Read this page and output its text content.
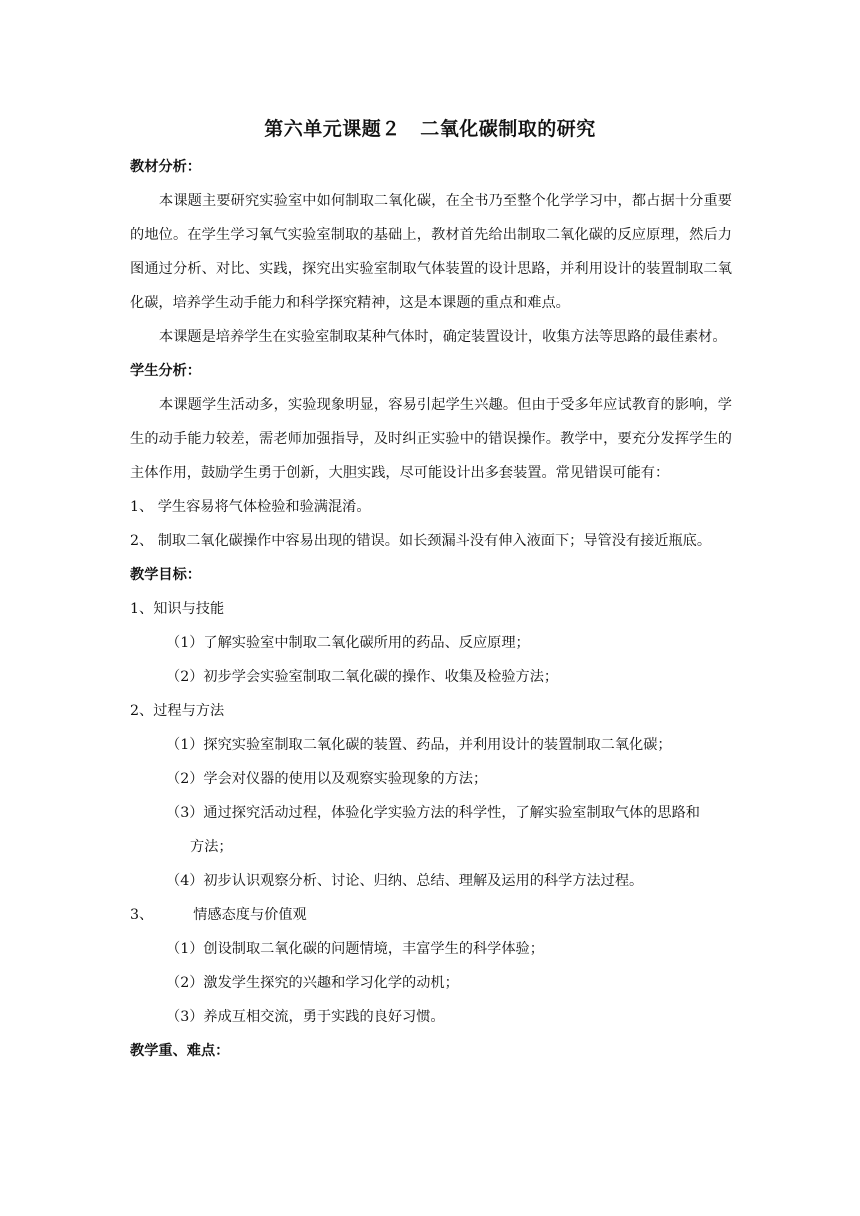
第六单元课题２　二氧化碳制取的研究
教材分析：

本课题主要研究实验室中如何制取二氧化碳，在全书乃至整个化学学习中，都占据十分重要的地位。在学生学习氧气实验室制取的基础上，教材首先给出制取二氧化碳的反应原理，然后力图通过分析、对比、实践，探究出实验室制取气体装置的设计思路，并利用设计的装置制取二氧化碳，培养学生动手能力和科学探究精神，这是本课题的重点和难点。

本课题是培养学生在实验室制取某种气体时，确定装置设计，收集方法等思路的最佳素材。

学生分析：

本课题学生活动多，实验现象明显，容易引起学生兴趣。但由于受多年应试教育的影响，学生的动手能力较差，需老师加强指导，及时纠正实验中的错误操作。教学中，要充分发挥学生的主体作用，鼓励学生勇于创新，大胆实践，尽可能设计出多套装置。常见错误可能有：

1、 学生容易将气体检验和验满混淆。
2、 制取二氧化碳操作中容易出现的错误。如长颈漏斗没有伸入液面下；导管没有接近瓶底。
教学目标：
1、知识与技能
（1）了解实验室中制取二氧化碳所用的药品、反应原理；
（2）初步学会实验室制取二氧化碳的操作、收集及检验方法；
2、过程与方法
（1）探究实验室制取二氧化碳的装置、药品，并利用设计的装置制取二氧化碳；
（2）学会对仪器的使用以及观察实验现象的方法；
（3）通过探究活动过程，体验化学实验方法的科学性，了解实验室制取气体的思路和
方法；
（4）初步认识观察分析、讨论、归纳、总结、理解及运用的科学方法过程。
3、	情感态度与价值观
（1）创设制取二氧化碳的问题情境，丰富学生的科学体验；
（2）激发学生探究的兴趣和学习化学的动机；
（3）养成互相交流，勇于实践的良好习惯。
教学重、难点：
